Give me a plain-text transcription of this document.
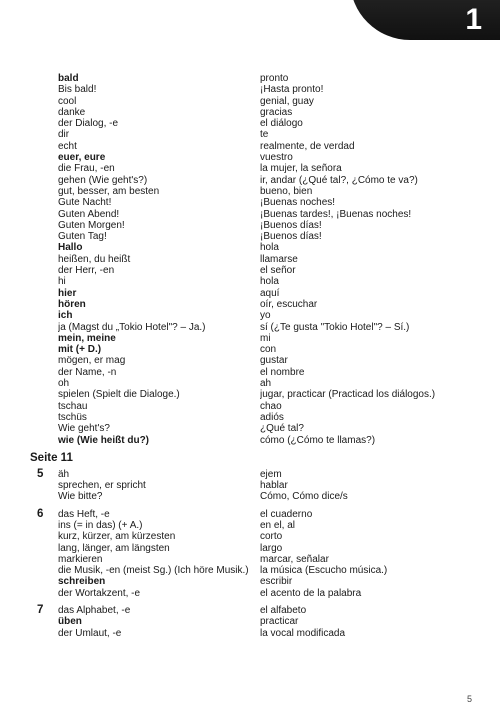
1
bald	pronto
Bis bald!	¡Hasta pronto!
cool	genial, guay
danke	gracias
der Dialog, -e	el diálogo
dir	te
echt	realmente, de verdad
euer, eure	vuestro
die Frau, -en	la mujer, la señora
gehen (Wie geht's?)	ir, andar (¿Qué tal?, ¿Cómo te va?)
gut, besser, am besten	bueno, bien
Gute Nacht!	¡Buenas noches!
Guten Abend!	¡Buenas tardes!, ¡Buenas noches!
Guten Morgen!	¡Buenos días!
Guten Tag!	¡Buenos días!
Hallo	hola
heißen, du heißt	llamarse
der Herr, -en	el señor
hi	hola
hier	aquí
hören	oír, escuchar
ich	yo
ja (Magst du „Tokio Hotel"? – Ja.)	sí (¿Te gusta "Tokio Hotel"? – Sí.)
mein, meine	mi
mit (+ D.)	con
mögen, er mag	gustar
der Name, -n	el nombre
oh	ah
spielen (Spielt die Dialoge.)	jugar, practicar (Practicad los diálogos.)
tschau	chao
tschüs	adiós
Wie geht's?	¿Qué tal?
wie (Wie heißt du?)	cómo (¿Cómo te llamas?)
Seite 11
5	äh	ejem
sprechen, er spricht	hablar
Wie bitte?	Cómo, Cómo dice/s
6	das Heft, -e	el cuaderno
ins (= in das) (+ A.)	en el, al
kurz, kürzer, am kürzesten	corto
lang, länger, am längsten	largo
markieren	marcar, señalar
die Musik, -en (meist Sg.) (Ich höre Musik.)	la música (Escucho música.)
schreiben	escribir
der Wortakzent, -e	el acento de la palabra
7	das Alphabet, -e	el alfabeto
üben	practicar
der Umlaut, -e	la vocal modificada
5
